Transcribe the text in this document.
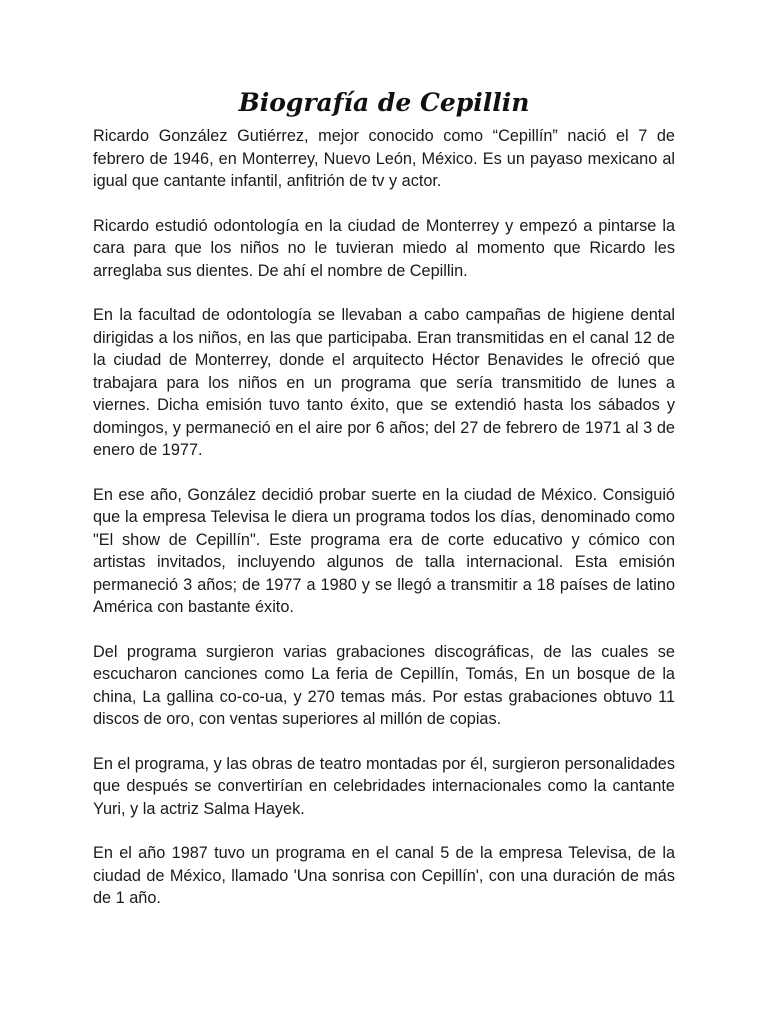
Biografía de Cepillin

Ricardo González Gutiérrez, mejor conocido como “Cepillín” nació el 7 de febrero de 1946, en Monterrey, Nuevo León, México. Es un payaso mexicano al igual que cantante infantil, anfitrión de tv y actor.

Ricardo estudió odontología en la ciudad de Monterrey y empezó a pintarse la cara para que los niños no le tuvieran miedo al momento que Ricardo les arreglaba sus dientes. De ahí el nombre de Cepillin.

En la facultad de odontología se llevaban a cabo campañas de higiene dental dirigidas a los niños, en las que participaba. Eran transmitidas en el canal 12 de la ciudad de Monterrey, donde el arquitecto Héctor Benavides le ofreció que trabajara para los niños en un programa que sería transmitido de lunes a viernes. Dicha emisión tuvo tanto éxito, que se extendió hasta los sábados y domingos, y permaneció en el aire por 6 años; del 27 de febrero de 1971 al 3 de enero de 1977.

En ese año, González decidió probar suerte en la ciudad de México. Consiguió que la empresa Televisa le diera un programa todos los días, denominado como "El show de Cepillín". Este programa era de corte educativo y cómico con artistas invitados, incluyendo algunos de talla internacional. Esta emisión permaneció 3 años; de 1977 a 1980 y se llegó a transmitir a 18 países de latino América con bastante éxito.

Del programa surgieron varias grabaciones discográficas, de las cuales se escucharon canciones como La feria de Cepillín, Tomás, En un bosque de la china, La gallina co-co-ua, y 270 temas más. Por estas grabaciones obtuvo 11 discos de oro, con ventas superiores al millón de copias.

En el programa, y las obras de teatro montadas por él, surgieron personalidades que después se convertirían en celebridades internacionales como la cantante Yuri, y la actriz Salma Hayek.

En el año 1987 tuvo un programa en el canal 5 de la empresa Televisa, de la ciudad de México, llamado 'Una sonrisa con Cepillín', con una duración de más de 1 año.
